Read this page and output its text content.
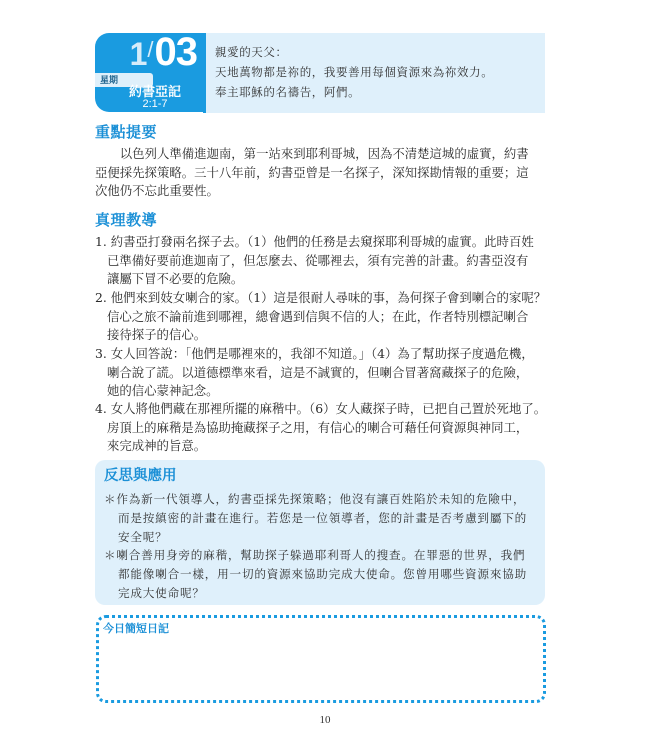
1/03
星期
約書亞記
2:1-7
親愛的天父：
天地萬物都是祢的，我要善用每個資源來為祢效力。
奉主耶穌的名禱告，阿們。
重點提要
　　以色列人準備進迦南，第一站來到耶利哥城，因為不清楚這城的虛實，約書
亞便採先探策略。三十八年前，約書亞曾是一名探子，深知探勘情報的重要；這
次他仍不忘此重要性。
真理教導
1. 約書亞打發兩名探子去。（1）他們的任務是去窺探耶利哥城的虛實。此時百姓
已準備好要前進迦南了，但怎麼去、從哪裡去，須有完善的計畫。約書亞沒有
讓屬下冒不必要的危險。
2. 他們來到妓女喇合的家。（1）這是很耐人尋味的事，為何探子會到喇合的家呢？
信心之旅不論前進到哪裡，總會遇到信與不信的人；在此，作者特別標記喇合
接待探子的信心。
3. 女人回答說：「他們是哪裡來的，我卻不知道。」（4）為了幫助探子度過危機，
喇合說了謊。以道德標準來看，這是不誠實的，但喇合冒著窩藏探子的危險，
她的信心蒙神記念。
4. 女人將他們藏在那裡所擺的麻稭中。（6）女人藏探子時，已把自己置於死地了。
房頂上的麻稭是為協助掩藏探子之用，有信心的喇合可藉任何資源與神同工，
來完成神的旨意。
反思與應用
＊作為新一代領導人，約書亞採先探策略；他沒有讓百姓陷於未知的危險中，
而是按縝密的計畫在進行。若您是一位領導者，您的計畫是否考慮到屬下的
安全呢？
＊喇合善用身旁的麻稭，幫助探子躲過耶利哥人的搜查。在罪惡的世界，我們
都能像喇合一樣，用一切的資源來協助完成大使命。您曾用哪些資源來協助
完成大使命呢？
今日簡短日記
10
